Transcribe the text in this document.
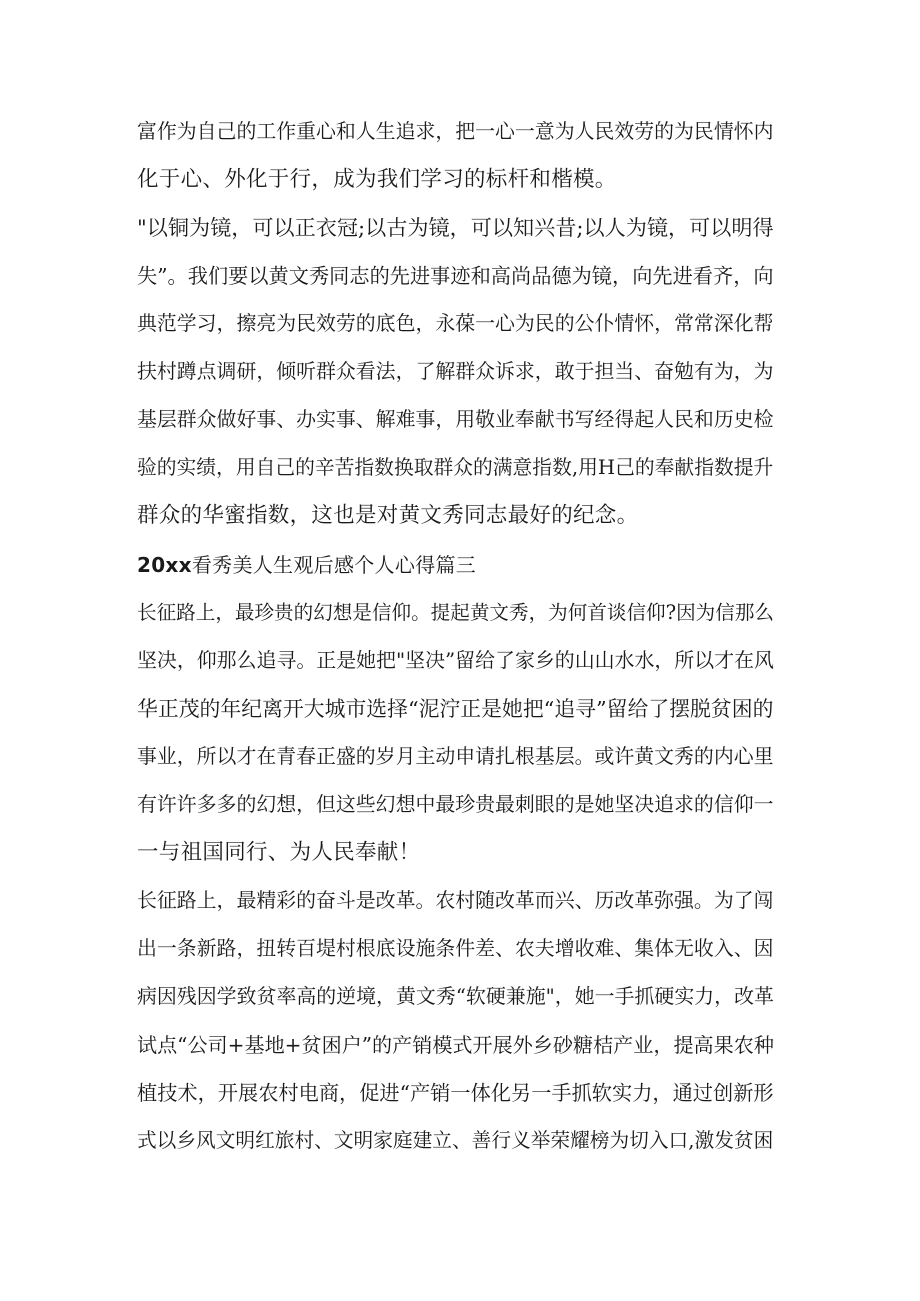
富作为自己的工作重心和人生追求，把一心一意为人民效劳的为民情怀内
化于心、外化于行，成为我们学习的标杆和楷模。
"以铜为镜，可以正衣冠;以古为镜，可以知兴昔;以人为镜，可以明得
失”。我们要以黄文秀同志的先进事迹和高尚品德为镜，向先进看齐，向
典范学习，擦亮为民效劳的底色，永葆一心为民的公仆情怀，常常深化帮
扶村蹲点调研，倾听群众看法，了解群众诉求，敢于担当、奋勉有为，为
基层群众做好事、办实事、解难事，用敬业奉献书写经得起人民和历史检
验的实绩，用自己的辛苦指数换取群众的满意指数,用H己的奉献指数提升
群众的华蜜指数，这也是对黄文秀同志最好的纪念。
20xx看秀美人生观后感个人心得篇三
长征路上，最珍贵的幻想是信仰。提起黄文秀，为何首谈信仰?因为信那么
坚决，仰那么追寻。正是她把"坚决”留给了家乡的山山水水，所以才在风
华正茂的年纪离开大城市选择“泥泞正是她把“追寻”留给了摆脱贫困的
事业，所以才在青春正盛的岁月主动申请扎根基层。或许黄文秀的内心里
有许许多多的幻想，但这些幻想中最珍贵最刺眼的是她坚决追求的信仰一
一与祖国同行、为人民奉献！
长征路上，最精彩的奋斗是改革。农村随改革而兴、历改革弥强。为了闯
出一条新路，扭转百堤村根底设施条件差、农夫增收难、集体无收入、因
病因残因学致贫率高的逆境，黄文秀“软硬兼施"，她一手抓硬实力，改革
试点“公司+基地+贫困户”的产销模式开展外乡砂糖桔产业，提高果农种
植技术，开展农村电商，促进“产销一体化另一手抓软实力，通过创新形
式以乡风文明红旅村、文明家庭建立、善行义举荣耀榜为切入口,激发贫困
